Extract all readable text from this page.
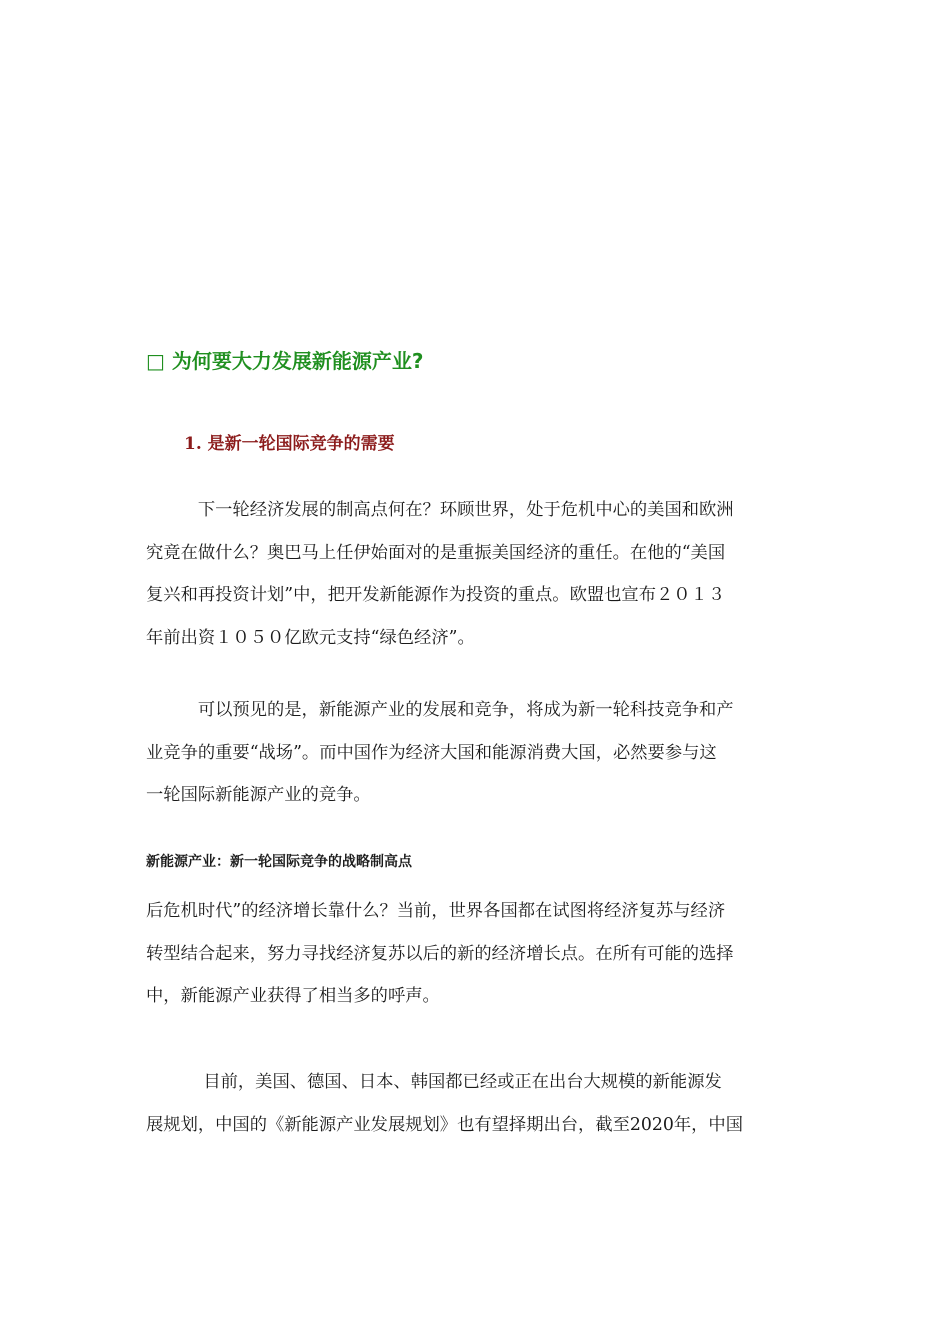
□ 为何要大力发展新能源产业?
1. 是新一轮国际竞争的需要
　　　下一轮经济发展的制高点何在？环顾世界，处于危机中心的美国和欧洲
究竟在做什么？奥巴马上任伊始面对的是重振美国经济的重任。在他的“美国
复兴和再投资计划”中，把开发新能源作为投资的重点。欧盟也宣布２０１３
年前出资１０５０亿欧元支持“绿色经济”。
　　　可以预见的是，新能源产业的发展和竞争，将成为新一轮科技竞争和产
业竞争的重要“战场”。而中国作为经济大国和能源消费大国，必然要参与这
一轮国际新能源产业的竞争。
新能源产业：新一轮国际竞争的战略制高点
后危机时代”的经济增长靠什么？当前，世界各国都在试图将经济复苏与经济
转型结合起来，努力寻找经济复苏以后的新的经济增长点。在所有可能的选择
中，新能源产业获得了相当多的呼声。
　　　 目前，美国、德国、日本、韩国都已经或正在出台大规模的新能源发
展规划，中国的《新能源产业发展规划》也有望择期出台，截至2020年，中国
